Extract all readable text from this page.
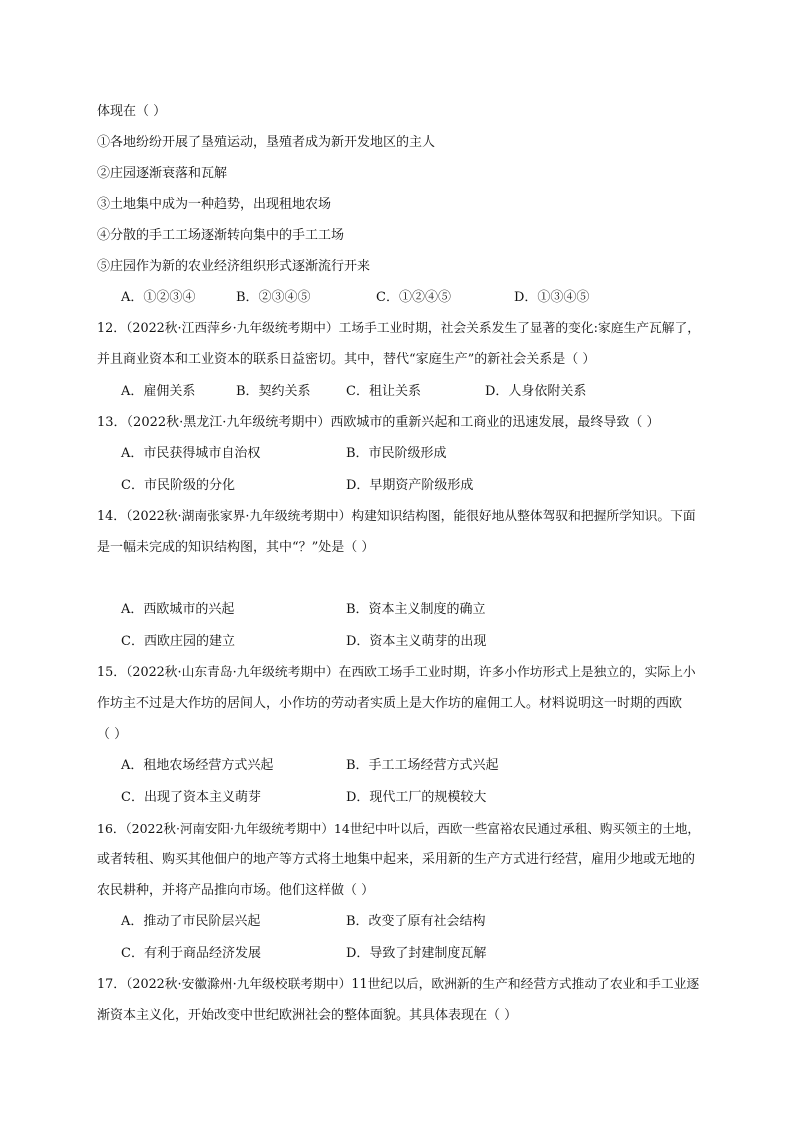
体现在（ ）
①各地纷纷开展了垦殖运动，垦殖者成为新开发地区的主人
②庄园逐渐衰落和瓦解
③土地集中成为一种趋势，出现租地农场
④分散的手工工场逐渐转向集中的手工工场
⑤庄园作为新的农业经济组织形式逐渐流行开来
A．①②③④	B．②③④⑤	C．①②④⑤	D．①③④⑤
12．（2022秋·江西萍乡·九年级统考期中）工场手工业时期，社会关系发生了显著的变化:家庭生产瓦解了，
并且商业资本和工业资本的联系日益密切。其中，替代“家庭生产”的新社会关系是（ ）
A．雇佣关系	B．契约关系	C．租让关系	D．人身依附关系
13．（2022秋·黑龙江·九年级统考期中）西欧城市的重新兴起和工商业的迅速发展，最终导致（ ）
A．市民获得城市自治权	B．市民阶级形成
C．市民阶级的分化	D．早期资产阶级形成
14．（2022秋·湖南张家界·九年级统考期中）构建知识结构图，能很好地从整体驾驭和把握所学知识。下面
是一幅未完成的知识结构图，其中“？”处是（ ）
A．西欧城市的兴起	B．资本主义制度的确立
C．西欧庄园的建立	D．资本主义萌芽的出现
15．（2022秋·山东青岛·九年级统考期中）在西欧工场手工业时期，许多小作坊形式上是独立的，实际上小
作坊主不过是大作坊的居间人，小作坊的劳动者实质上是大作坊的雇佣工人。材料说明这一时期的西欧
（ ）
A．租地农场经营方式兴起	B．手工工场经营方式兴起
C．出现了资本主义萌芽	D．现代工厂的规模较大
16．（2022秋·河南安阳·九年级统考期中）14世纪中叶以后，西欧一些富裕农民通过承租、购买领主的土地，
或者转租、购买其他佃户的地产等方式将土地集中起来，采用新的生产方式进行经营，雇用少地或无地的
农民耕种，并将产品推向市场。他们这样做（ ）
A．推动了市民阶层兴起	B．改变了原有社会结构
C．有利于商品经济发展	D．导致了封建制度瓦解
17．（2022秋·安徽滁州·九年级校联考期中）11世纪以后，欧洲新的生产和经营方式推动了农业和手工业逐
渐资本主义化，开始改变中世纪欧洲社会的整体面貌。其具体表现在（ ）
